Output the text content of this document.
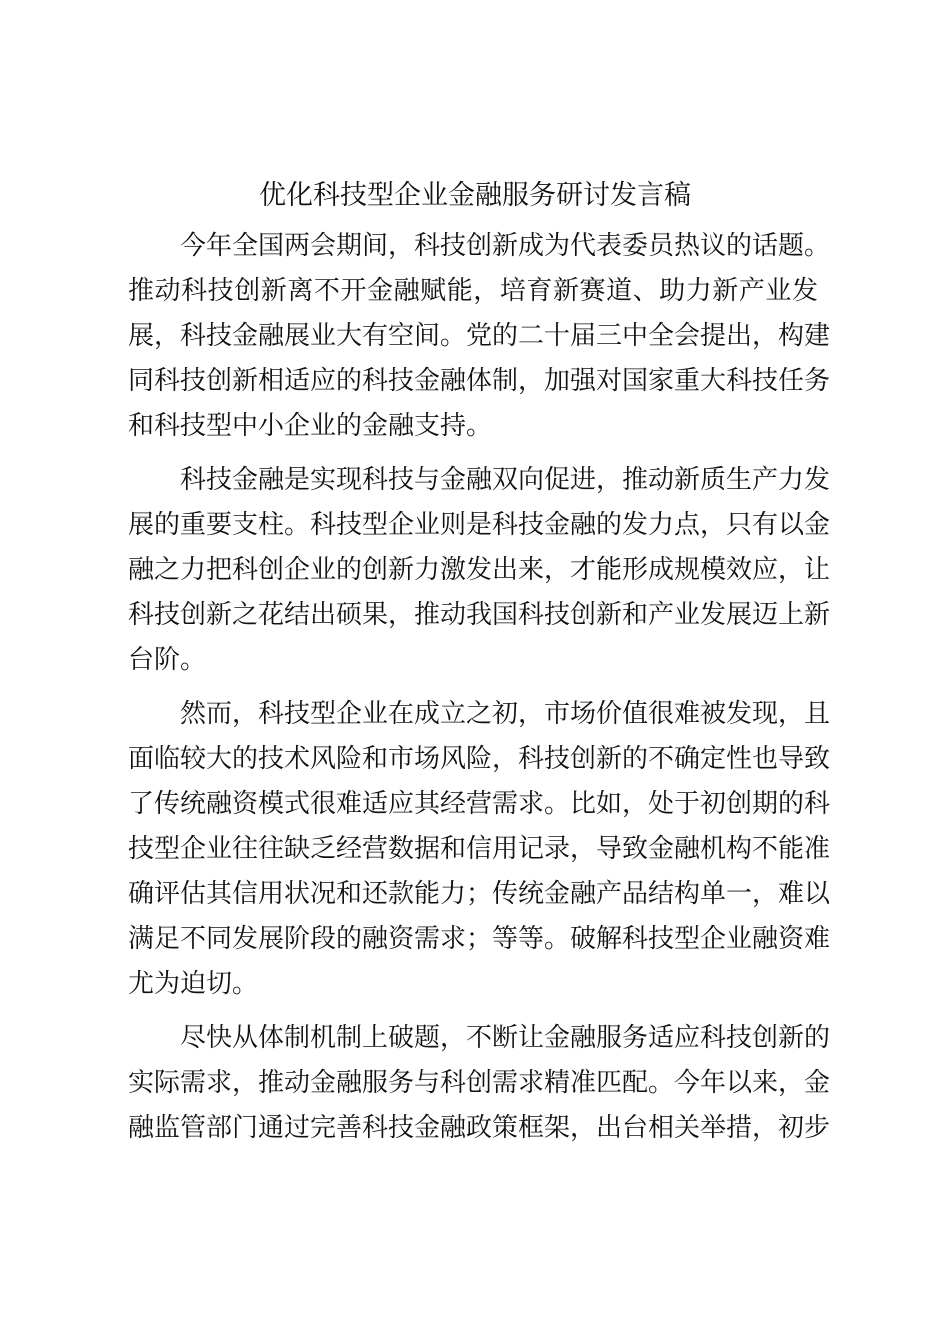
优化科技型企业金融服务研讨发言稿
今年全国两会期间，科技创新成为代表委员热议的话题。
推动科技创新离不开金融赋能，培育新赛道、助力新产业发
展，科技金融展业大有空间。党的二十届三中全会提出，构建
同科技创新相适应的科技金融体制，加强对国家重大科技任务
和科技型中小企业的金融支持。
科技金融是实现科技与金融双向促进，推动新质生产力发
展的重要支柱。科技型企业则是科技金融的发力点，只有以金
融之力把科创企业的创新力激发出来，才能形成规模效应，让
科技创新之花结出硕果，推动我国科技创新和产业发展迈上新
台阶。
然而，科技型企业在成立之初，市场价值很难被发现，且
面临较大的技术风险和市场风险，科技创新的不确定性也导致
了传统融资模式很难适应其经营需求。比如，处于初创期的科
技型企业往往缺乏经营数据和信用记录，导致金融机构不能准
确评估其信用状况和还款能力；传统金融产品结构单一，难以
满足不同发展阶段的融资需求；等等。破解科技型企业融资难
尤为迫切。
尽快从体制机制上破题，不断让金融服务适应科技创新的
实际需求，推动金融服务与科创需求精准匹配。今年以来，金
融监管部门通过完善科技金融政策框架，出台相关举措，初步
